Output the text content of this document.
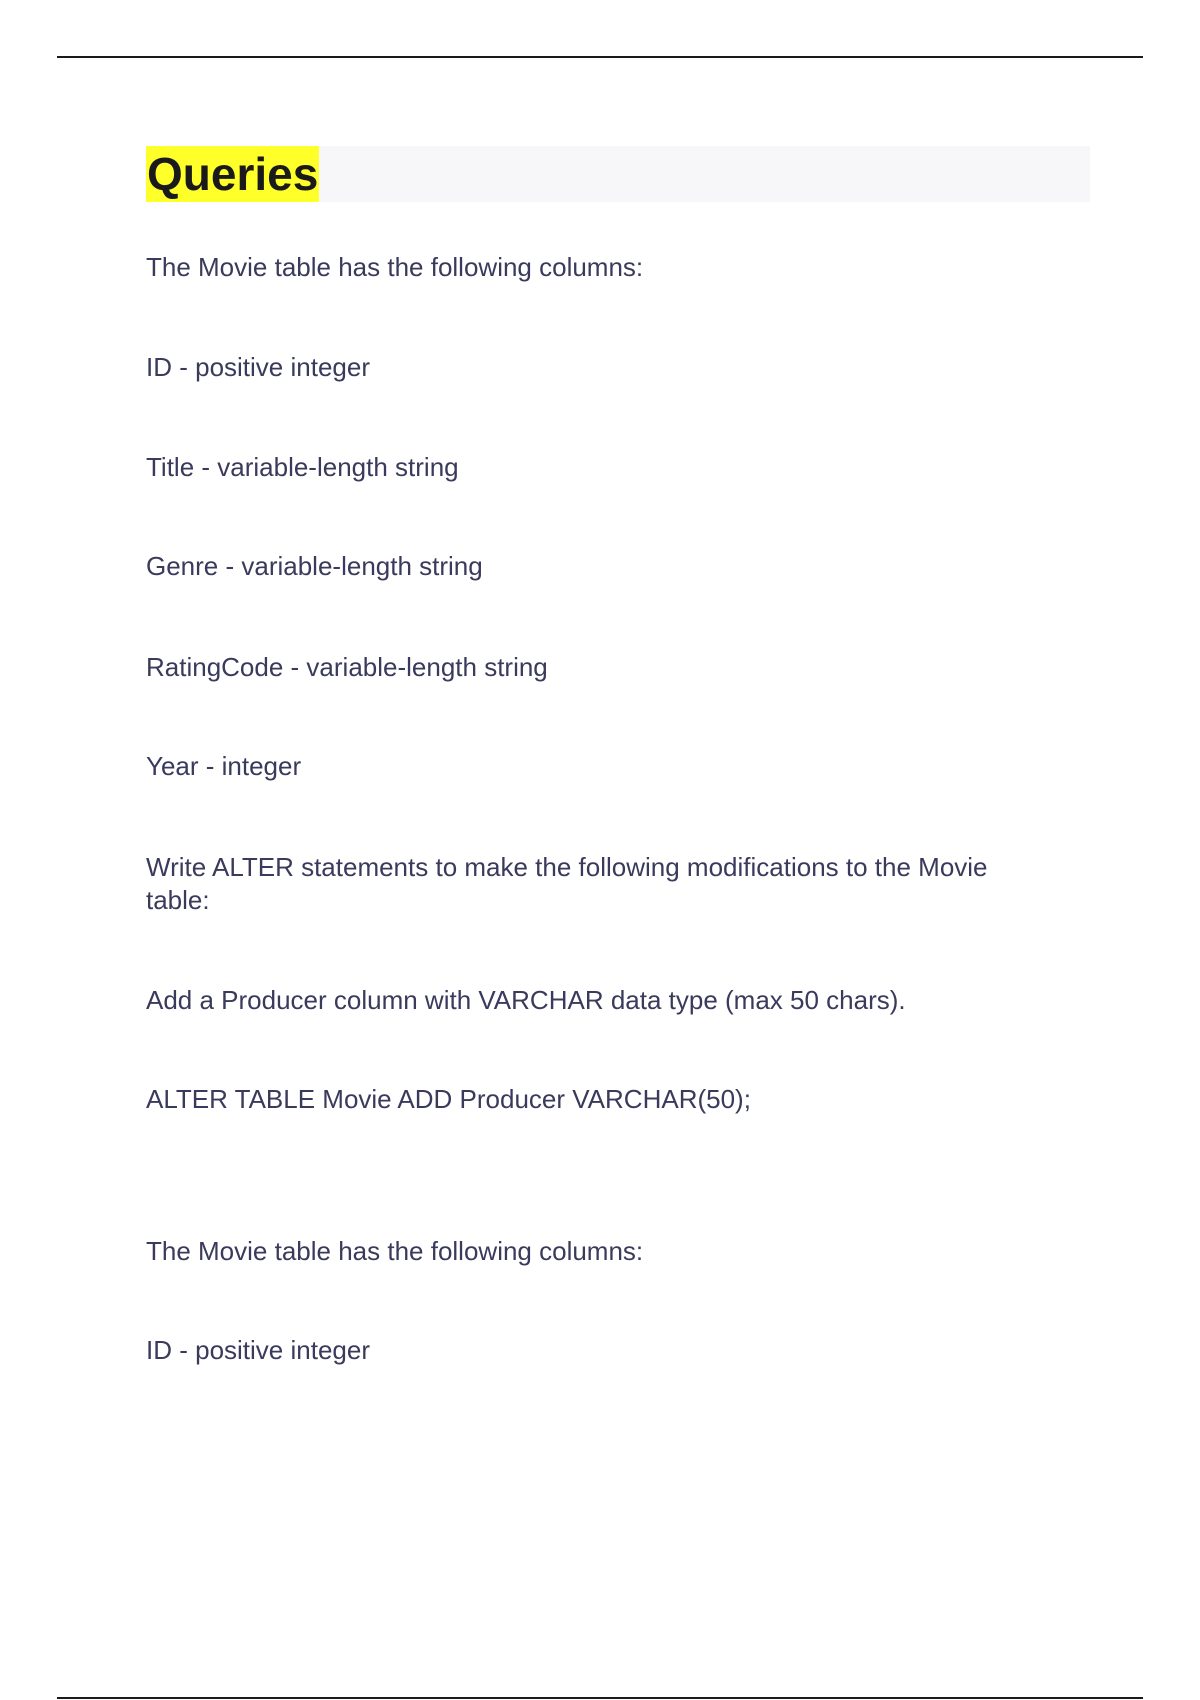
Queries

The Movie table has the following columns:

ID - positive integer

Title - variable-length string

Genre - variable-length string

RatingCode - variable-length string

Year - integer

Write ALTER statements to make the following modifications to the Movie table:

Add a Producer column with VARCHAR data type (max 50 chars).

ALTER TABLE Movie ADD Producer VARCHAR(50);

The Movie table has the following columns:

ID - positive integer
